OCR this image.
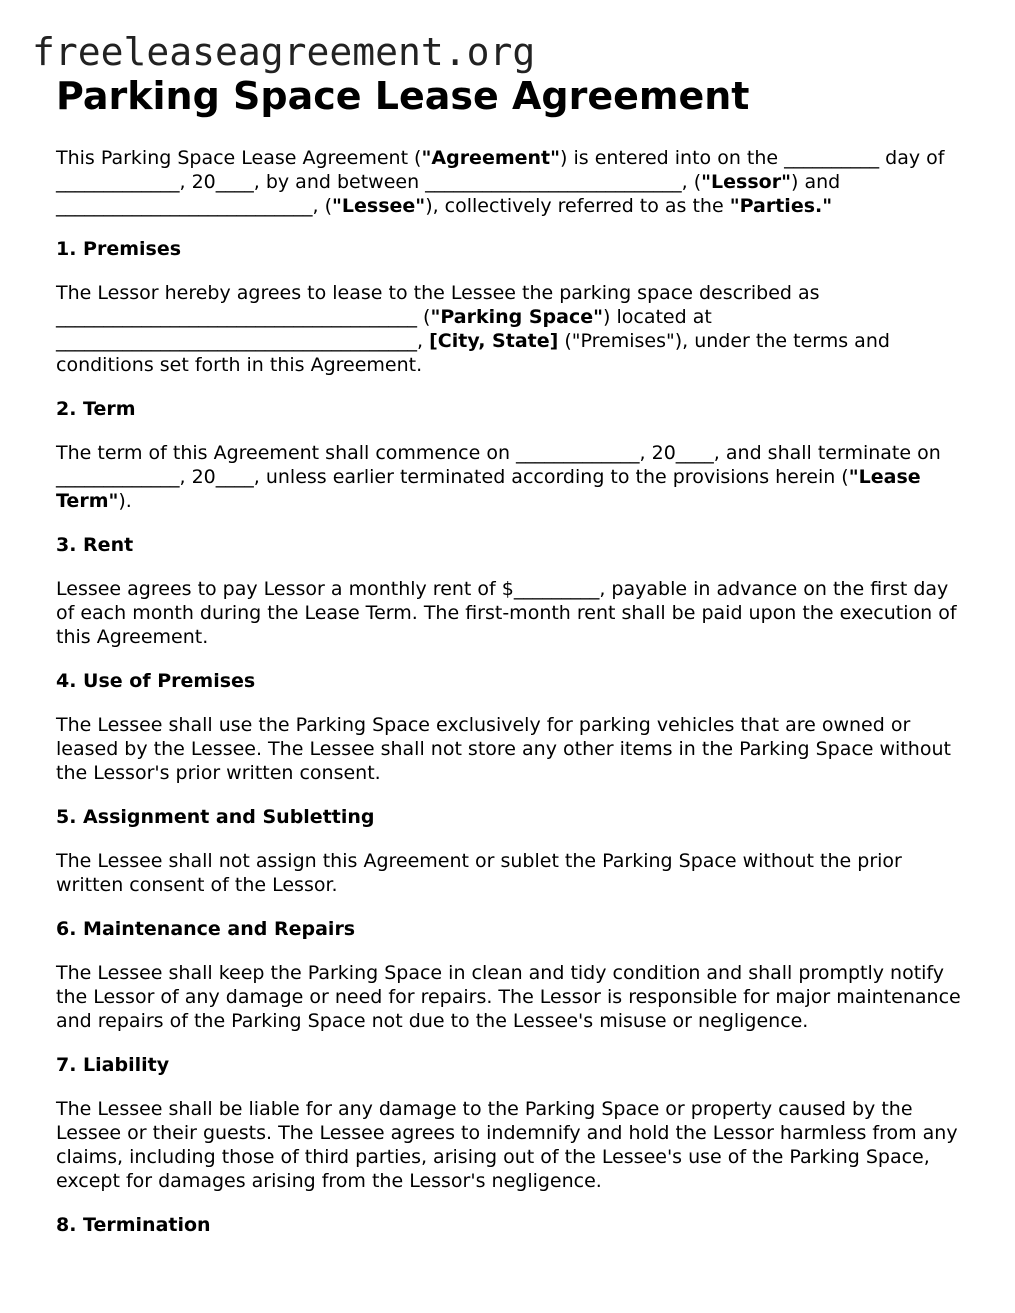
freeleaseagreement.org
Parking Space Lease Agreement

This Parking Space Lease Agreement ("Agreement") is entered into on the __________ day of _____________, 20____, by and between ___________________________, ("Lessor") and ___________________________, ("Lessee"), collectively referred to as the "Parties."

1. Premises

The Lessor hereby agrees to lease to the Lessee the parking space described as ______________________________________ ("Parking Space") located at ______________________________________, [City, State] ("Premises"), under the terms and conditions set forth in this Agreement.

2. Term

The term of this Agreement shall commence on _____________, 20____, and shall terminate on _____________, 20____, unless earlier terminated according to the provisions herein ("Lease Term").

3. Rent

Lessee agrees to pay Lessor a monthly rent of $_________, payable in advance on the first day of each month during the Lease Term. The first-month rent shall be paid upon the execution of this Agreement.

4. Use of Premises

The Lessee shall use the Parking Space exclusively for parking vehicles that are owned or leased by the Lessee. The Lessee shall not store any other items in the Parking Space without the Lessor's prior written consent.

5. Assignment and Subletting

The Lessee shall not assign this Agreement or sublet the Parking Space without the prior written consent of the Lessor.

6. Maintenance and Repairs

The Lessee shall keep the Parking Space in clean and tidy condition and shall promptly notify the Lessor of any damage or need for repairs. The Lessor is responsible for major maintenance and repairs of the Parking Space not due to the Lessee's misuse or negligence.

7. Liability

The Lessee shall be liable for any damage to the Parking Space or property caused by the Lessee or their guests. The Lessee agrees to indemnify and hold the Lessor harmless from any claims, including those of third parties, arising out of the Lessee's use of the Parking Space, except for damages arising from the Lessor's negligence.

8. Termination
